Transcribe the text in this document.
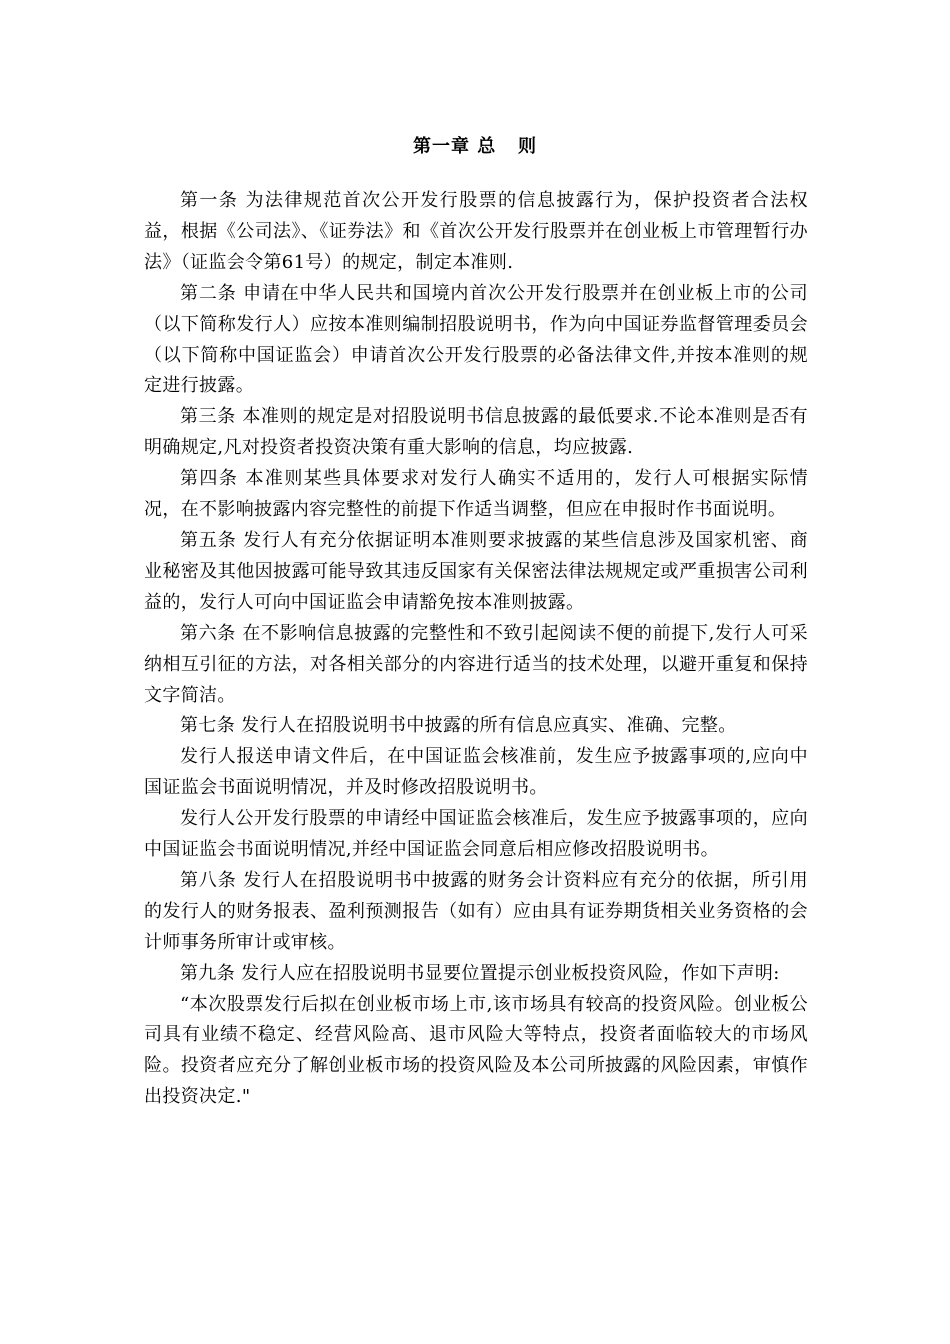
第一章 总   则

第一条 为法律规范首次公开发行股票的信息披露行为，保护投资者合法权益，根据《公司法》、《证券法》和《首次公开发行股票并在创业板上市管理暂行办法》（证监会令第61号）的规定，制定本准则.

第二条 申请在中华人民共和国境内首次公开发行股票并在创业板上市的公司（以下简称发行人）应按本准则编制招股说明书，作为向中国证券监督管理委员会（以下简称中国证监会）申请首次公开发行股票的必备法律文件,并按本准则的规定进行披露。

第三条 本准则的规定是对招股说明书信息披露的最低要求.不论本准则是否有明确规定,凡对投资者投资决策有重大影响的信息，均应披露.

第四条 本准则某些具体要求对发行人确实不适用的，发行人可根据实际情况，在不影响披露内容完整性的前提下作适当调整，但应在申报时作书面说明。

第五条 发行人有充分依据证明本准则要求披露的某些信息涉及国家机密、商业秘密及其他因披露可能导致其违反国家有关保密法律法规规定或严重损害公司利益的，发行人可向中国证监会申请豁免按本准则披露。

第六条 在不影响信息披露的完整性和不致引起阅读不便的前提下,发行人可采纳相互引征的方法，对各相关部分的内容进行适当的技术处理，以避开重复和保持文字简洁。

第七条 发行人在招股说明书中披露的所有信息应真实、准确、完整。

发行人报送申请文件后，在中国证监会核准前，发生应予披露事项的,应向中国证监会书面说明情况，并及时修改招股说明书。

发行人公开发行股票的申请经中国证监会核准后，发生应予披露事项的，应向中国证监会书面说明情况,并经中国证监会同意后相应修改招股说明书。

第八条 发行人在招股说明书中披露的财务会计资料应有充分的依据，所引用的发行人的财务报表、盈利预测报告（如有）应由具有证券期货相关业务资格的会计师事务所审计或审核。

第九条 发行人应在招股说明书显要位置提示创业板投资风险，作如下声明:

“本次股票发行后拟在创业板市场上市,该市场具有较高的投资风险。创业板公司具有业绩不稳定、经营风险高、退市风险大等特点，投资者面临较大的市场风险。投资者应充分了解创业板市场的投资风险及本公司所披露的风险因素，审慎作出投资决定."
